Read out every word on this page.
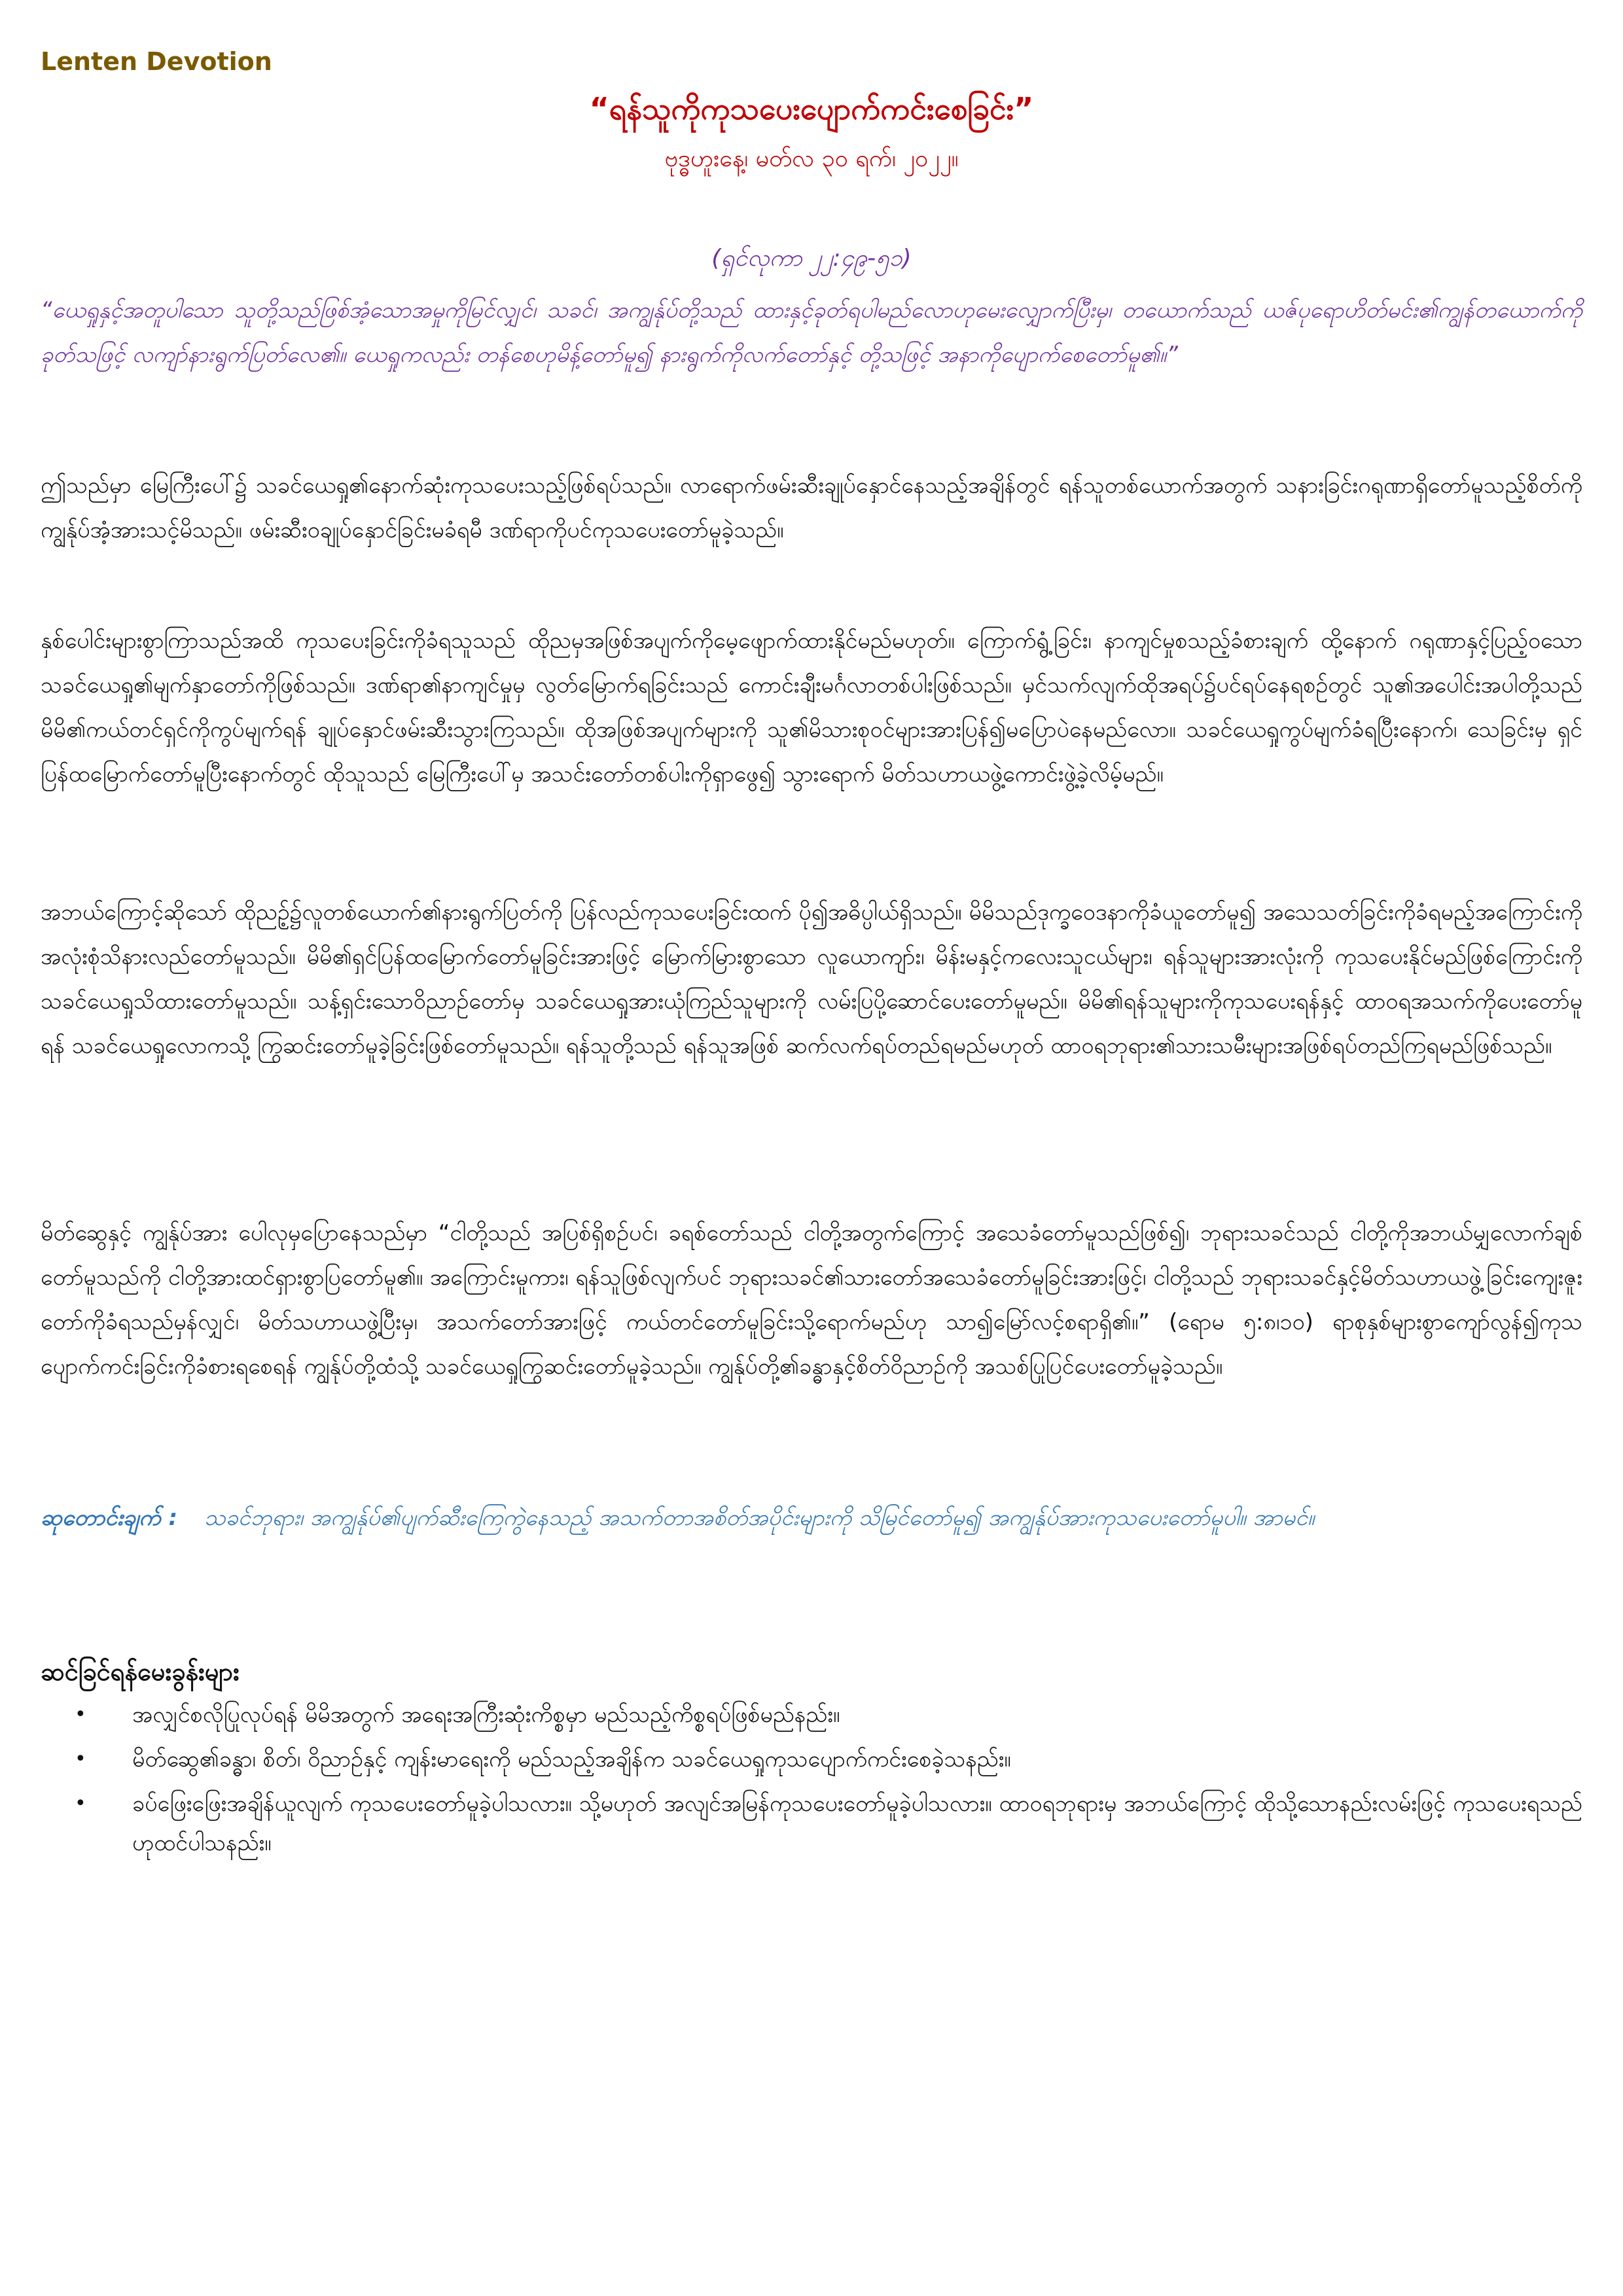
Lenten Devotion
“ရန်သူကိုကုသပေးပျောက်ကင်းစေခြင်း”
ဗုဒ္ဓဟူးနေ့၊ မတ်လ ၃၀ ရက်၊ ၂၀၂၂။
(ရှင်လုကာ ၂၂:၄၉-၅၁)
“ယေရှုနှင့်အတူပါသော သူတို့သည်ဖြစ်အံ့သောအမှုကိုမြင်လျှင်၊ သခင်၊ အကျွန်ုပ်တို့သည် ထားနှင့်ခုတ်ရပါမည်လောဟုမေးလျှောက်ပြီးမှ၊ တယောက်သည် ယဇ်ပုရောဟိတ်မင်း၏ကျွန်တယောက်ကိုခုတ်သဖြင့် လကျာ်နားရွက်ပြတ်လေ၏။ ယေရှုကလည်း တန်စေဟုမိန့်တော်မူ၍ နားရွက်ကိုလက်တော်နှင့် တို့သဖြင့် အနာကိုပျောက်စေတော်မူ၏။”
ဤသည်မှာ မြေကြီးပေါ်၌ သခင်ယေရှု၏နောက်ဆုံးကုသပေးသည့်ဖြစ်ရပ်သည်။ လာရောက်ဖမ်းဆီးချုပ်နှောင်နေသည့်အချိန်တွင် ရန်သူတစ်ယောက်အတွက် သနားခြင်းဂရုဏာရှိတော်မူသည့်စိတ်ကို ကျွန်ုပ်အံ့အားသင့်မိသည်။ ဖမ်းဆီးဝချုပ်နှောင်ခြင်းမခံရမီ ဒဏ်ရာကိုပင်ကုသပေးတော်မူခဲ့သည်။
နှစ်ပေါင်းများစွာကြာသည်အထိ ကုသပေးခြင်းကိုခံရသူသည် ထိုညမှအဖြစ်အပျက်ကိုမေ့ဖျောက်ထားနိုင်မည်မဟုတ်။ ကြောက်ရွံ့ခြင်း၊ နာကျင်မှုစသည့်ခံစားချက် ထို့နောက် ဂရုဏာနှင့်ပြည့်ဝသော သခင်ယေရှု၏မျက်နှာတော်ကိုဖြစ်သည်။ ဒဏ်ရာ၏နာကျင်မှုမှ လွတ်မြောက်ရခြင်းသည် ကောင်းချီးမင်္ဂလာတစ်ပါးဖြစ်သည်။ မှင်သက်လျက်ထိုအရပ်၌ပင်ရပ်နေရစဉ်တွင် သူ၏အပေါင်းအပါတို့သည် မိမိ၏ကယ်တင်ရှင်ကိုကွပ်မျက်ရန် ချုပ်နှောင်ဖမ်းဆီးသွားကြသည်။ ထိုအဖြစ်အပျက်များကို သူ၏မိသားစုဝင်များအားပြန်၍မပြောပဲနေမည်လော။ သခင်ယေရှုကွပ်မျက်ခံရပြီးနောက်၊ သေခြင်းမှ ရှင်ပြန်ထမြောက်တော်မူပြီးနောက်တွင် ထိုသူသည် မြေကြီးပေါ်မှ အသင်းတော်တစ်ပါးကိုရှာဖွေ၍ သွားရောက် မိတ်သဟာယဖွဲ့ကောင်းဖွဲ့ခဲ့လိမ့်မည်။
အဘယ်ကြောင့်ဆိုသော် ထိုညဉ့်၌လူတစ်ယောက်၏နားရွက်ပြတ်ကို ပြန်လည်ကုသပေးခြင်းထက် ပို၍အဓိပ္ပါယ်ရှိသည်။ မိမိသည်ဒုက္ခဝေဒနာကိုခံယူတော်မူ၍ အသေသတ်ခြင်းကိုခံရမည့်အကြောင်းကို အလုံးစုံသိနားလည်တော်မူသည်။ မိမိ၏ရှင်ပြန်ထမြောက်တော်မူခြင်းအားဖြင့် မြောက်မြားစွာသော လူယောကျာ်း၊ မိန်းမနှင့်ကလေးသူငယ်များ၊ ရန်သူများအားလုံးကို ကုသပေးနိုင်မည်ဖြစ်ကြောင်းကို သခင်ယေရှုသိထားတော်မူသည်။ သန့်ရှင်းသောဝိညာဉ်တော်မှ သခင်ယေရှုအားယုံကြည်သူများကို လမ်းပြပို့ဆောင်ပေးတော်မူမည်။ မိမိ၏ရန်သူများကိုကုသပေးရန်နှင့် ထာဝရအသက်ကိုပေးတော်မူရန် သခင်ယေရှုလောကသို့ ကြွဆင်းတော်မူခဲ့ခြင်းဖြစ်တော်မူသည်။ ရန်သူတို့သည် ရန်သူအဖြစ် ဆက်လက်ရပ်တည်ရမည်မဟုတ် ထာဝရဘုရား၏သားသမီးများအဖြစ်ရပ်တည်ကြရမည်ဖြစ်သည်။
မိတ်ဆွေနှင့် ကျွန်ုပ်အား ပေါလုမှပြောနေသည်မှာ “ငါတို့သည် အပြစ်ရှိစဉ်ပင်၊ ခရစ်တော်သည် ငါတို့အတွက်ကြောင့် အသေခံတော်မူသည်ဖြစ်၍၊ ဘုရားသခင်သည် ငါတို့ကိုအဘယ်မျှလောက်ချစ်တော်မူသည်ကို ငါတို့အားထင်ရှားစွာပြတော်မူ၏။ အကြောင်းမူကား၊ ရန်သူဖြစ်လျက်ပင် ဘုရားသခင်၏သားတော်အသေခံတော်မူခြင်းအားဖြင့်၊ ငါတို့သည် ဘုရားသခင်နှင့်မိတ်သဟာယဖွဲ့ခြင်းကျေးဇူးတော်ကိုခံရသည်မှန်လျှင်၊ မိတ်သဟာယဖွဲ့ပြီးမှ၊ အသက်တော်အားဖြင့် ကယ်တင်တော်မူခြင်းသို့ရောက်မည်ဟု သာ၍မြော်လင့်စရာရှိ၏။” (ရောမ ၅:၈၊၁၀) ရာစုနှစ်များစွာကျော်လွန်၍ကုသ ပျောက်ကင်းခြင်းကိုခံစားရစေရန် ကျွန်ုပ်တို့ထံသို့ သခင်ယေရှုကြွဆင်းတော်မူခဲ့သည်။ ကျွန်ုပ်တို့၏ခန္ဓာနှင့်စိတ်ဝိညာဉ်ကို အသစ်ပြုပြင်ပေးတော်မူခဲ့သည်။
ဆုတောင်းချက် : သခင်ဘုရား၊ အကျွန်ုပ်၏ပျက်ဆီးကြေကွဲနေသည့် အသက်တာအစိတ်အပိုင်းများကို သိမြင်တော်မူ၍ အကျွန်ုပ်အားကုသပေးတော်မူပါ။ အာမင်။
ဆင်ခြင်ရန်မေးခွန်းများ
• အလျှင်စလိုပြုလုပ်ရန် မိမိအတွက် အရေးအကြီးဆုံးကိစ္စမှာ မည်သည့်ကိစ္စရပ်ဖြစ်မည်နည်း။
• မိတ်ဆွေ၏ခန္ဓာ၊ စိတ်၊ ဝိညာဉ်နှင့် ကျန်းမာရေးကို မည်သည့်အချိန်က သခင်ယေရှုကုသပျောက်ကင်းစေခဲ့သနည်း။
• ခပ်ဖြေးဖြေးအချိန်ယူလျက် ကုသပေးတော်မူခဲ့ပါသလား။ သို့မဟုတ် အလျင်အမြန်ကုသပေးတော်မူခဲ့ပါသလား။ ထာဝရဘုရားမှ အဘယ်ကြောင့် ထိုသို့သောနည်းလမ်းဖြင့် ကုသပေးရသည်ဟုထင်ပါသနည်း။
